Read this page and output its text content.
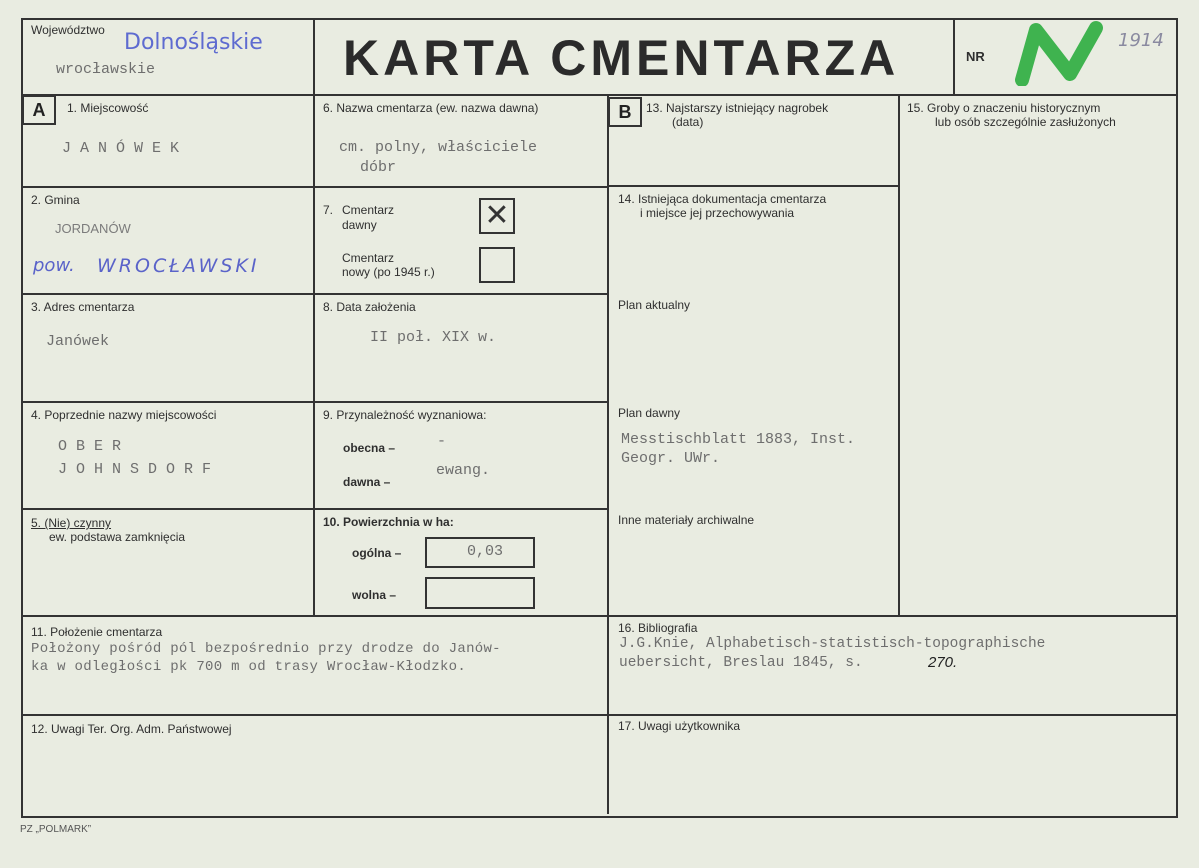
Województwo Dolnośląskie
wrocławskie	KARTA CMENTARZA	NR
1914
A	1. Miejscowość
J A N Ó W E K
2. Gmina
JORDANÓW
pow. WROCŁAWSKI
3. Adres cmentarza
Janówek
4. Poprzednie nazwy miejscowości
O B E R
J O H N S D O R F
5. (Nie) czynny
ew. podstawa zamknięcia
6. Nazwa cmentarza (ew. nazwa dawna)
cm. polny, właściciele
dóbr
7. Cmentarz
dawny	✕
Cmentarz
nowy (po 1945 r.)
8. Data założenia
II poł. XIX w.
9. Przynależność wyznaniowa:
obecna –	-
dawna –
ewang.
10. Powierzchnia w ha:
ogólna –	0,03
wolna –
B	13. Najstarszy istniejący nagrobek
(data)
14. Istniejąca dokumentacja cmentarza
i miejsce jej przechowywania
Plan aktualny
Plan dawny
Messtischblatt 1883, Inst.
Geogr. UWr.
Inne materiały archiwalne
15. Groby o znaczeniu historycznym
lub osób szczególnie zasłużonych
11. Położenie cmentarza
Położony pośród pól bezpośrednio przy drodze do Janów-
ka w odległości pk 700 m od trasy Wrocław-Kłodzko.
16. Bibliografia
J.G.Knie, Alphabetisch-statistisch-topographische
uebersicht, Breslau 1845, s.	270.
12. Uwagi Ter. Org. Adm. Państwowej	17. Uwagi użytkownika
PZ „POLMARK”
